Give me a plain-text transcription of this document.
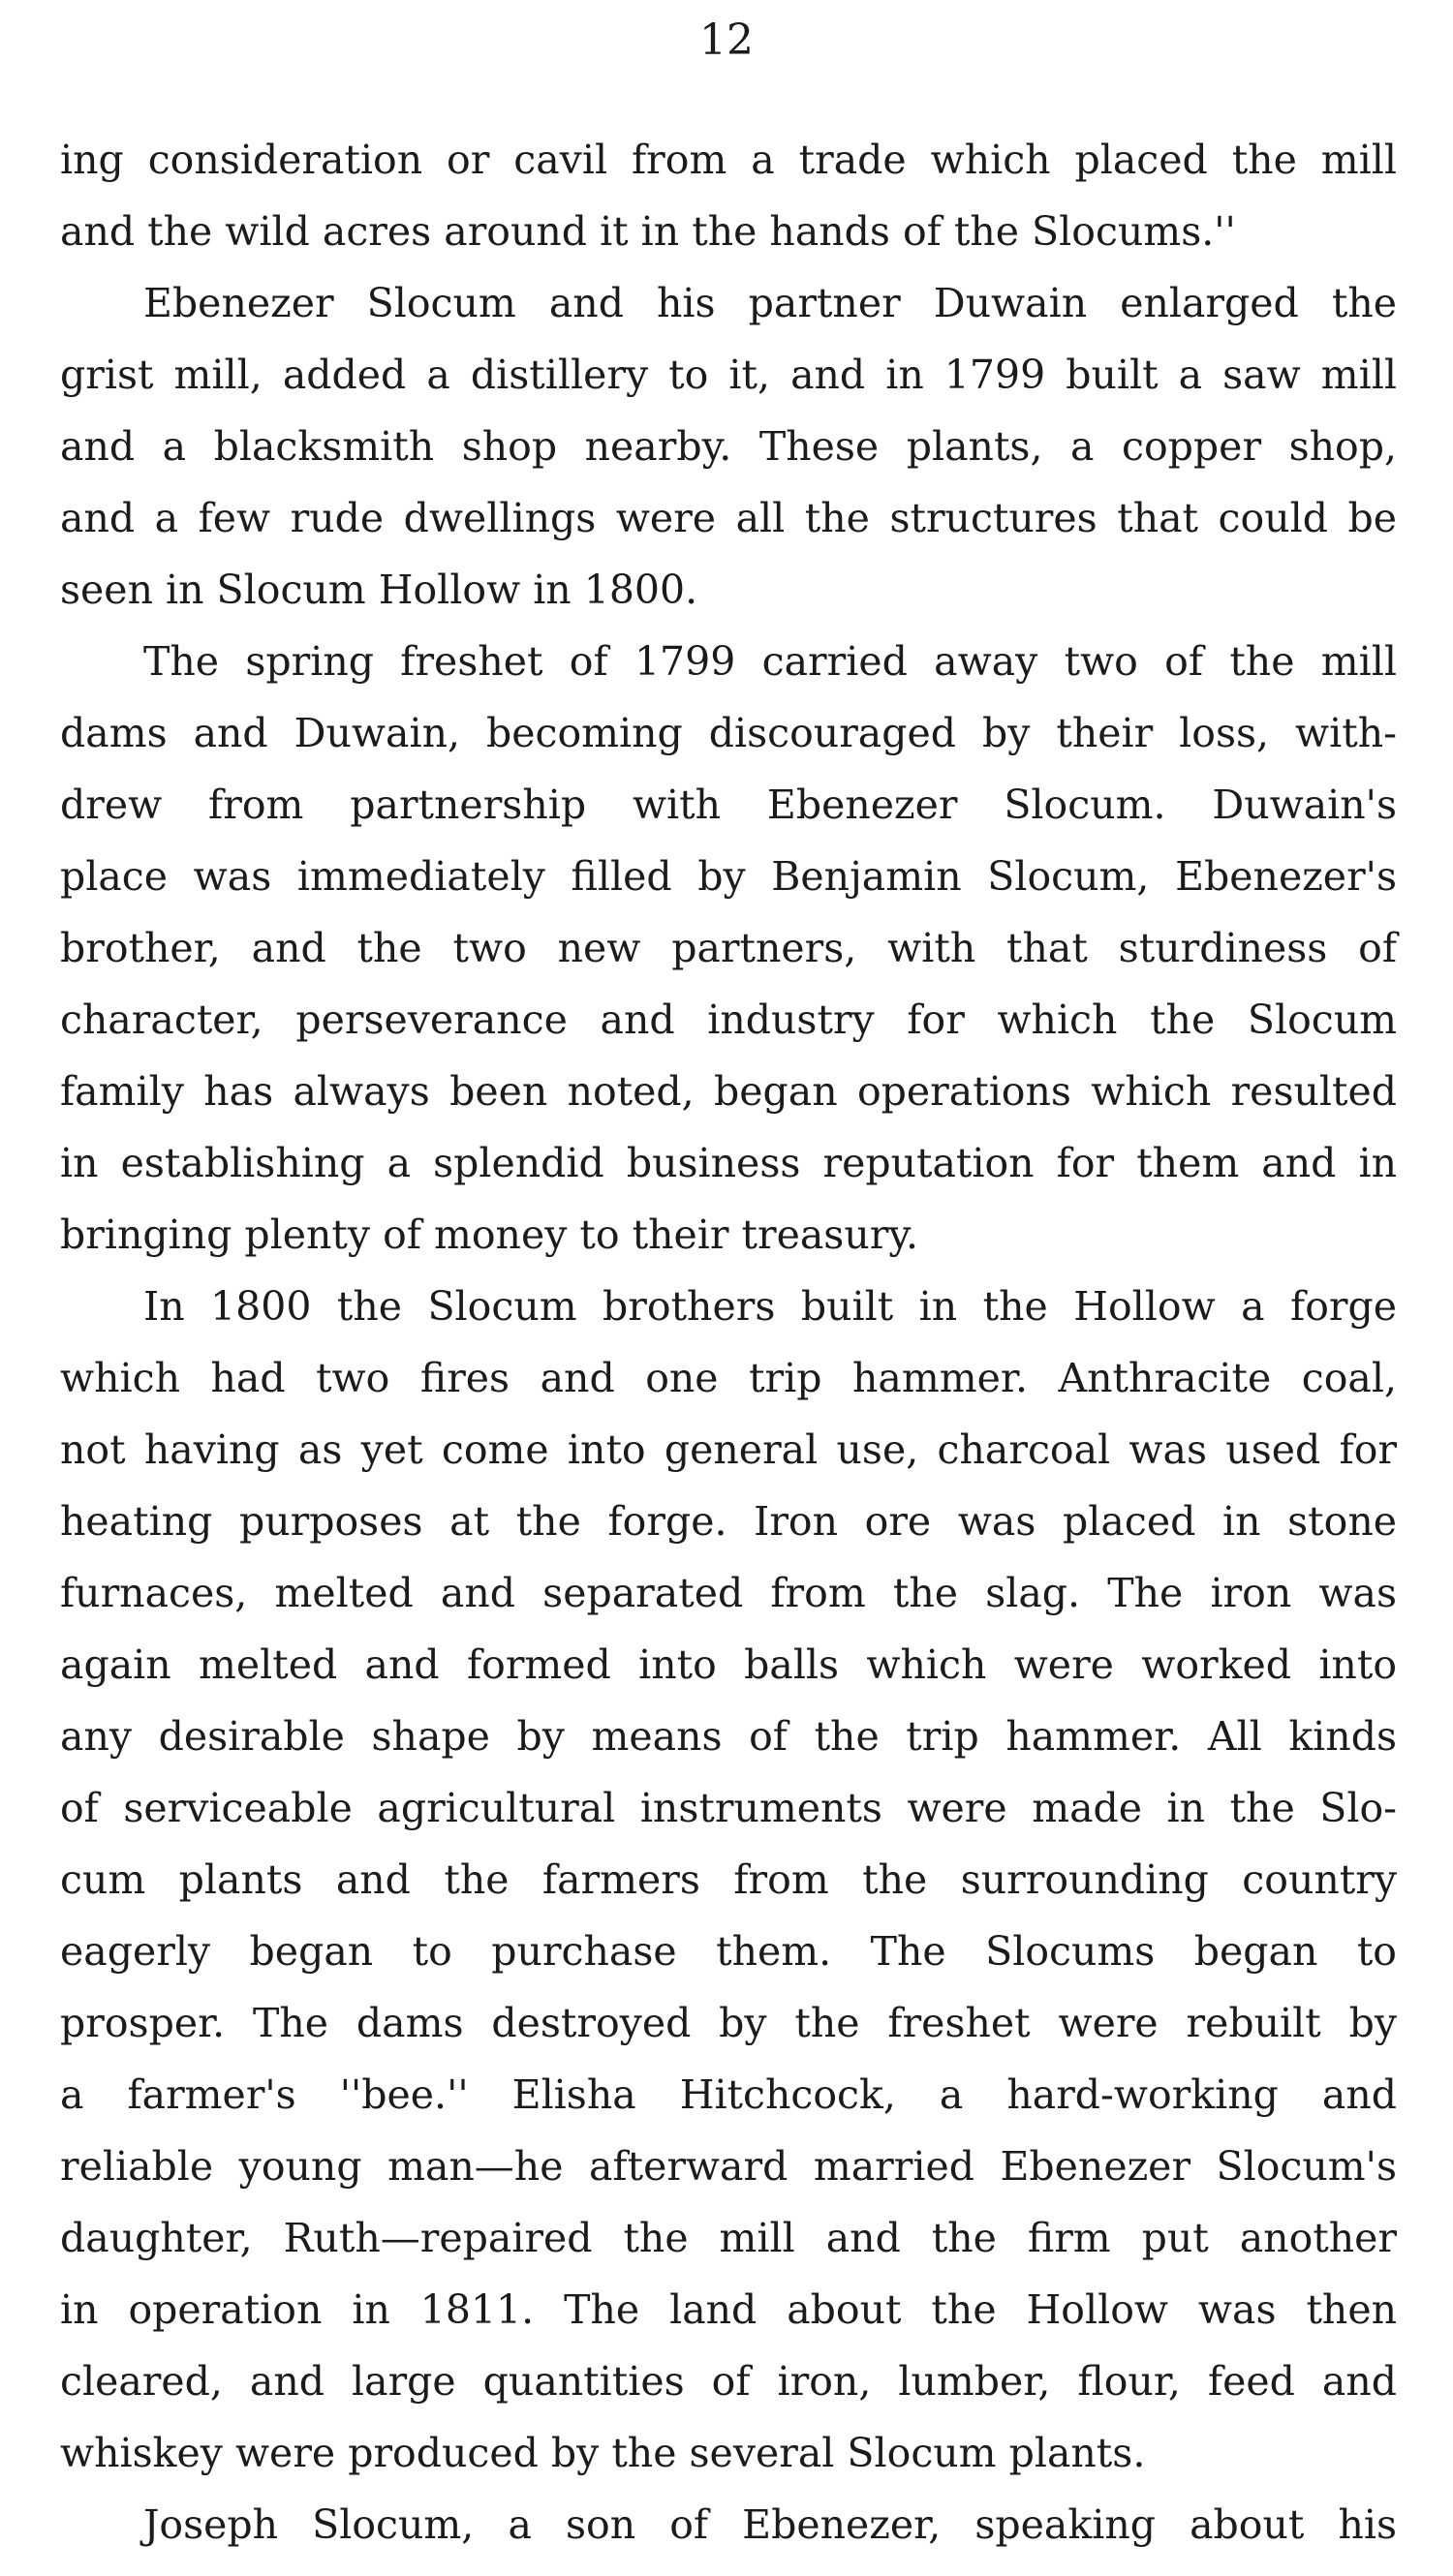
12
ing consideration or cavil from a trade which placed the mill
and the wild acres around it in the hands of the Slocums.''
Ebenezer Slocum and his partner Duwain enlarged the
grist mill, added a distillery to it, and in 1799 built a saw mill
and a blacksmith shop nearby. These plants, a copper shop,
and a few rude dwellings were all the structures that could be
seen in Slocum Hollow in 1800.
The spring freshet of 1799 carried away two of the mill
dams and Duwain, becoming discouraged by their loss, with-
drew from partnership with Ebenezer Slocum. Duwain's
place was immediately filled by Benjamin Slocum, Ebenezer's
brother, and the two new partners, with that sturdiness of
character, perseverance and industry for which the Slocum
family has always been noted, began operations which resulted
in establishing a splendid business reputation for them and in
bringing plenty of money to their treasury.
In 1800 the Slocum brothers built in the Hollow a forge
which had two fires and one trip hammer. Anthracite coal,
not having as yet come into general use, charcoal was used for
heating purposes at the forge. Iron ore was placed in stone
furnaces, melted and separated from the slag. The iron was
again melted and formed into balls which were worked into
any desirable shape by means of the trip hammer. All kinds
of serviceable agricultural instruments were made in the Slo-
cum plants and the farmers from the surrounding country
eagerly began to purchase them. The Slocums began to
prosper. The dams destroyed by the freshet were rebuilt by
a farmer's ''bee.'' Elisha Hitchcock, a hard-working and
reliable young man—he afterward married Ebenezer Slocum's
daughter, Ruth—repaired the mill and the firm put another
in operation in 1811. The land about the Hollow was then
cleared, and large quantities of iron, lumber, flour, feed and
whiskey were produced by the several Slocum plants.
Joseph Slocum, a son of Ebenezer, speaking about his
